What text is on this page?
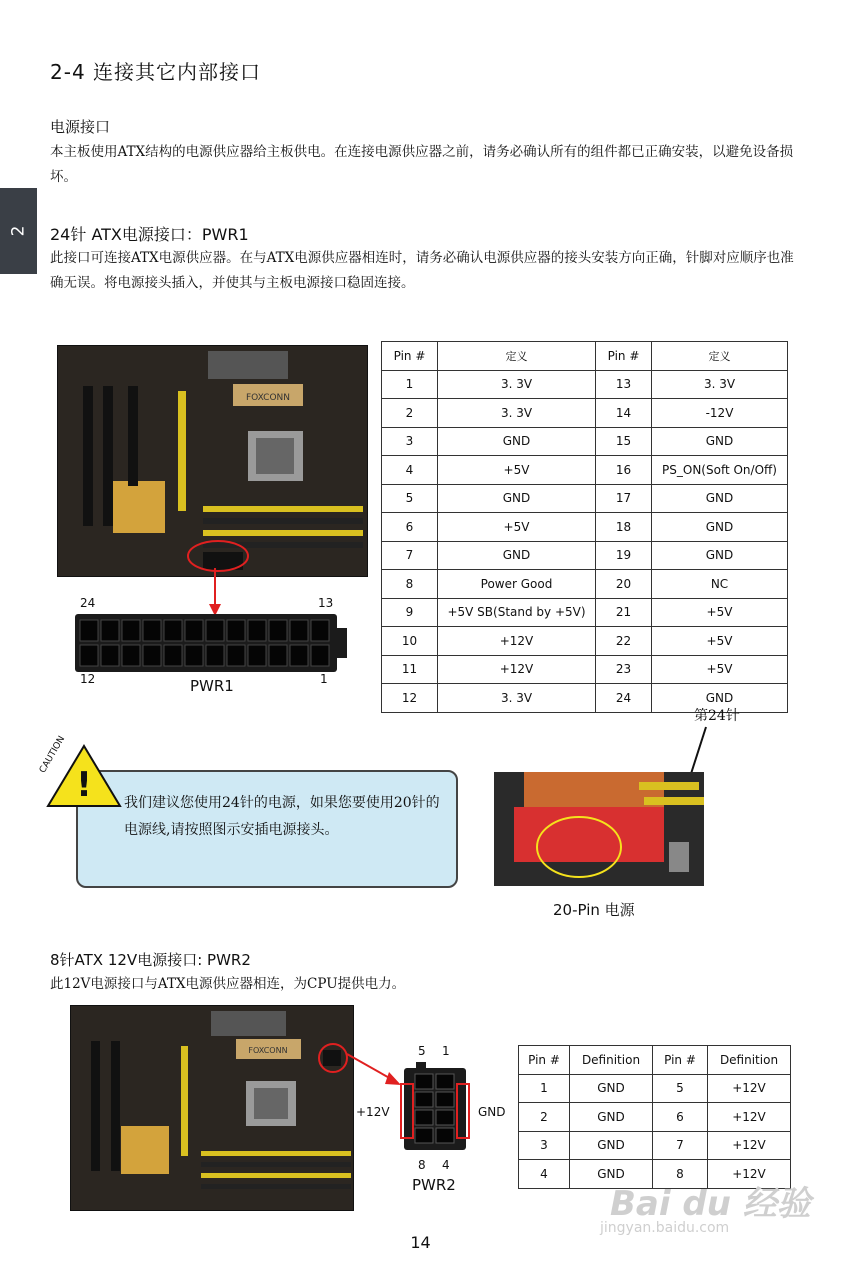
2
2-4 连接其它内部接口
电源接口
本主板使用ATX结构的电源供应器给主板供电。在连接电源供应器之前，请务必确认所有的组件都已正确安装，以避免设备损坏。
24针 ATX电源接口：PWR1
此接口可连接ATX电源供应器。在与ATX电源供应器相连时，请务必确认电源供应器的接头安装方向正确，针脚对应顺序也准确无误。将电源接头插入，并使其与主板电源接口稳固连接。
FOXCONN
24	13
12	1
PWR1
Pin #	定义	Pin #	定义
1	3. 3V	13	3. 3V
2	3. 3V	14	-12V
3	GND	15	GND
4	+5V	16	PS_ON(Soft On/Off)
5	GND	17	GND
6	+5V	18	GND
7	GND	19	GND
8	Power Good	20	NC
9	+5V SB(Stand by +5V)	21	+5V
10	+12V	22	+5V
11	+12V	23	+5V
12	3. 3V	24	GND
第24针
!
CAUTION
我们建议您使用24针的电源，如果您要使用20针的电源线,请按照图示安插电源接头。
20-Pin 电源
8针ATX 12V电源接口: PWR2
此12V电源接口与ATX电源供应器相连，为CPU提供电力。
FOXCONN	5 1
+12V	GND
8 4
PWR2
Pin #	Definition	Pin #	Definition
1	GND	5	+12V
2	GND	6	+12V
3	GND	7	+12V
4	GND	8	+12V
Bai du 经验
jingyan.baidu.com
14
